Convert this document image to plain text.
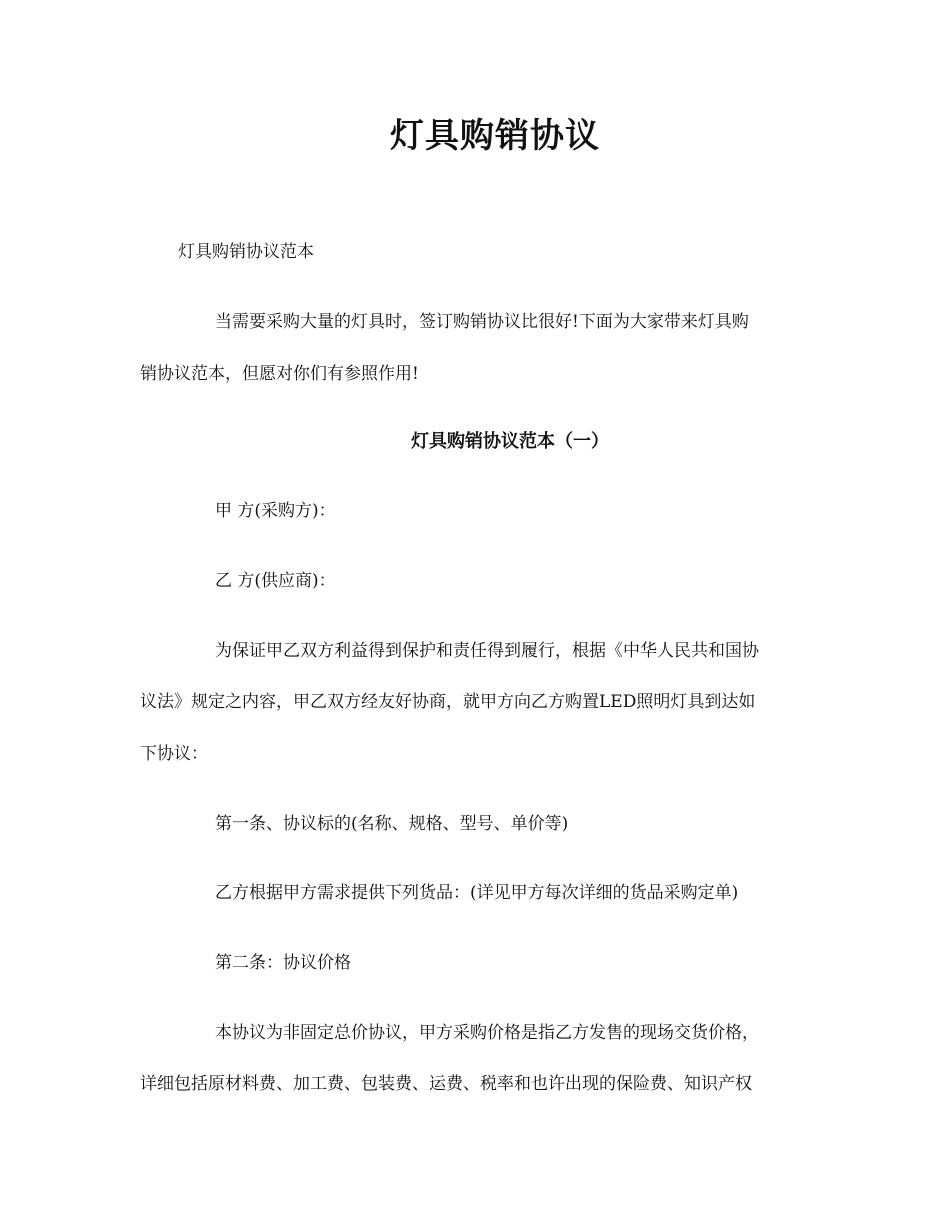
灯具购销协议
灯具购销协议范本
当需要采购大量的灯具时，签订购销协议比很好!下面为大家带来灯具购
销协议范本，但愿对你们有参照作用!
灯具购销协议范本（一）
甲 方(采购方)：
乙 方(供应商)：
为保证甲乙双方利益得到保护和责任得到履行，根据《中华人民共和国协
议法》规定之内容，甲乙双方经友好协商，就甲方向乙方购置LED照明灯具到达如
下协议：
第一条、协议标的(名称、规格、型号、单价等)
乙方根据甲方需求提供下列货品：(详见甲方每次详细的货品采购定单)
第二条：协议价格
本协议为非固定总价协议，甲方采购价格是指乙方发售的现场交货价格，
详细包括原材料费、加工费、包装费、运费、税率和也许出现的保险费、知识产权
